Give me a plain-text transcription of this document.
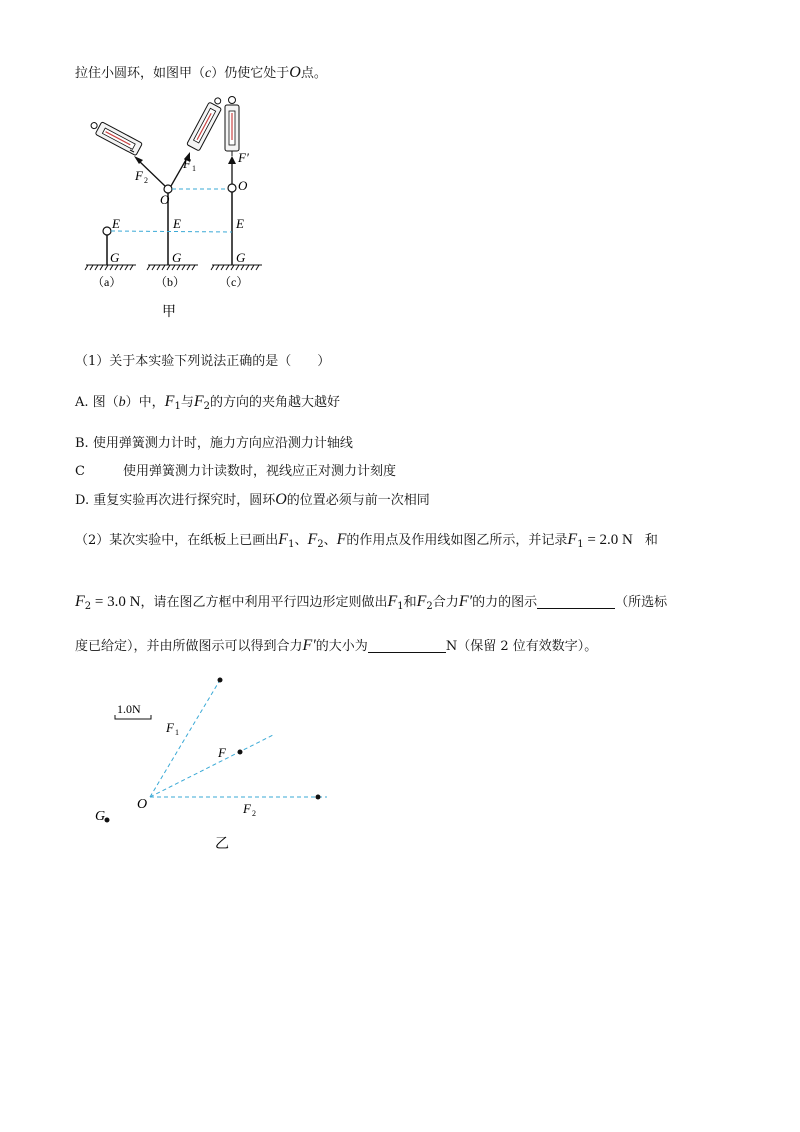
拉住小圆环，如图甲（c）仍使它处于O点。
F 2
F 1
F′
O
O
E	E	E
G	G	G
（a）	（b）	（c）
甲
（1）关于本实验下列说法正确的是（　　）
A. 图（b）中，$F_1$与$F_2$的方向的夹角越大越好
B. 使用弹簧测力计时，施力方向应沿测力计轴线
C	使用弹簧测力计读数时，视线应正对测力计刻度
D. 重复实验再次进行探究时，圆环O的位置必须与前一次相同
（2）某次实验中，在纸板上已画出$F_1$、$F_2$、F的作用点及作用线如图乙所示，并记录$F_1 = 2.0$ N 和
$F_2 = 3.0$ N，请在图乙方框中利用平行四边形定则做出$F_1$和$F_2$合力F′的力的图示	（所选标
度已给定），并由所做图示可以得到合力F′的大小为	N（保留 2 位有效数字）。
1.0N
F 1
F
F 2
O
G
乙
